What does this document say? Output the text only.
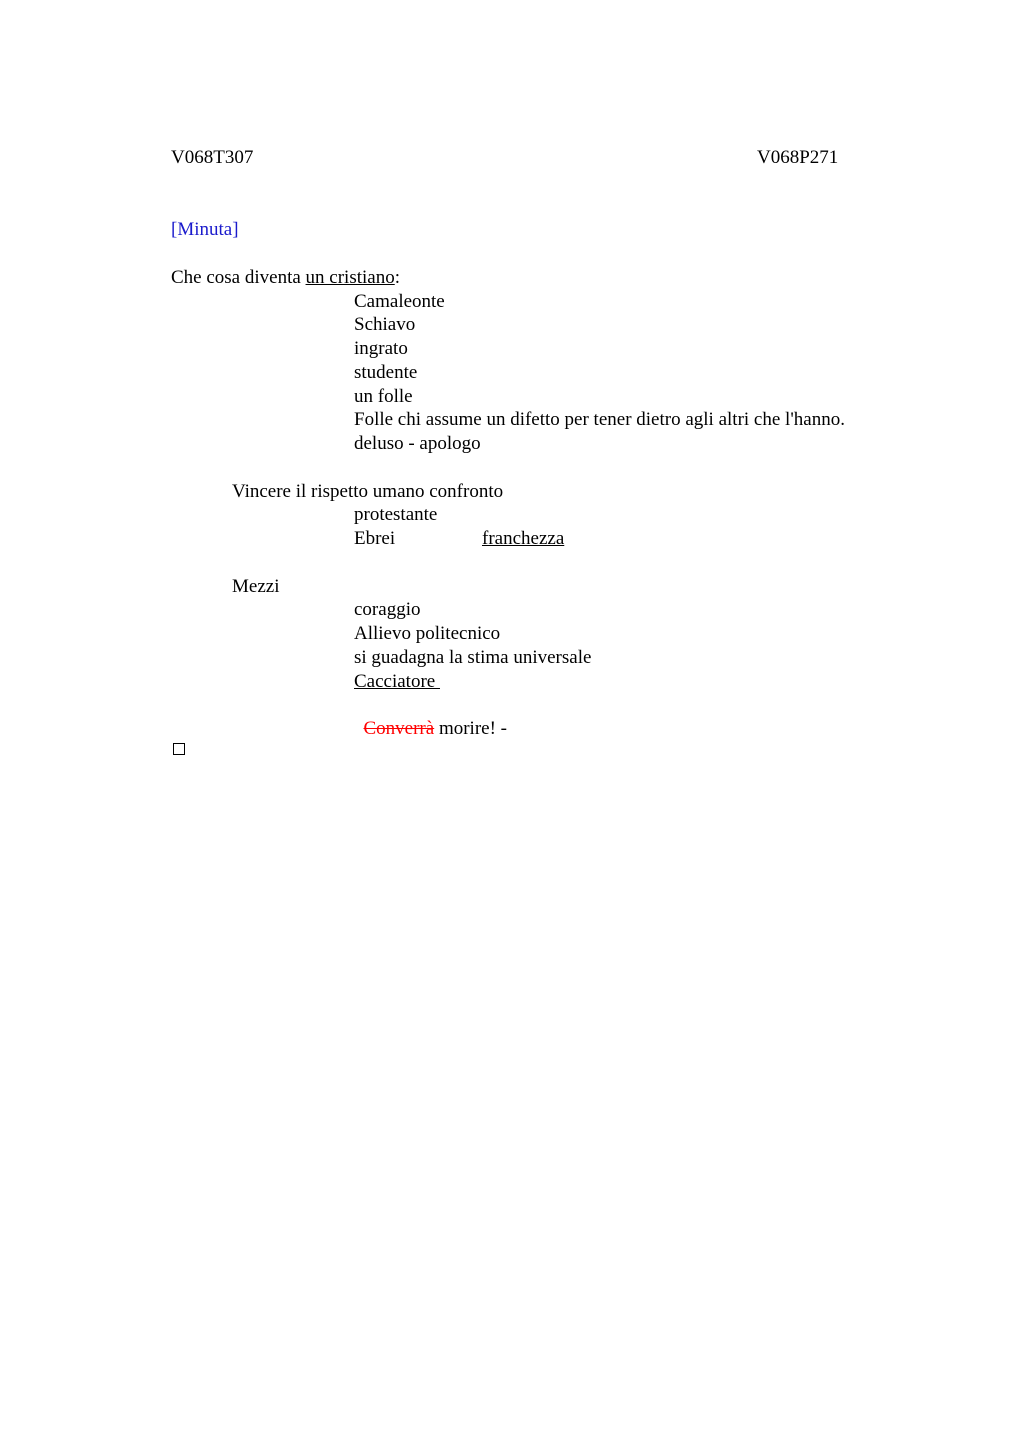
V068T307	V068P271
[Minuta]
Che cosa diventa un cristiano:
Camaleonte
Schiavo
ingrato
studente
un folle
Folle chi assume un difetto per tener dietro agli altri che l'hanno.
deluso - apologo
Vincere il rispetto umano confronto
protestante
Ebrei	franchezza
Mezzi
coraggio
Allievo politecnico
si guadagna la stima universale
Cacciatore

Converrà morire! -
